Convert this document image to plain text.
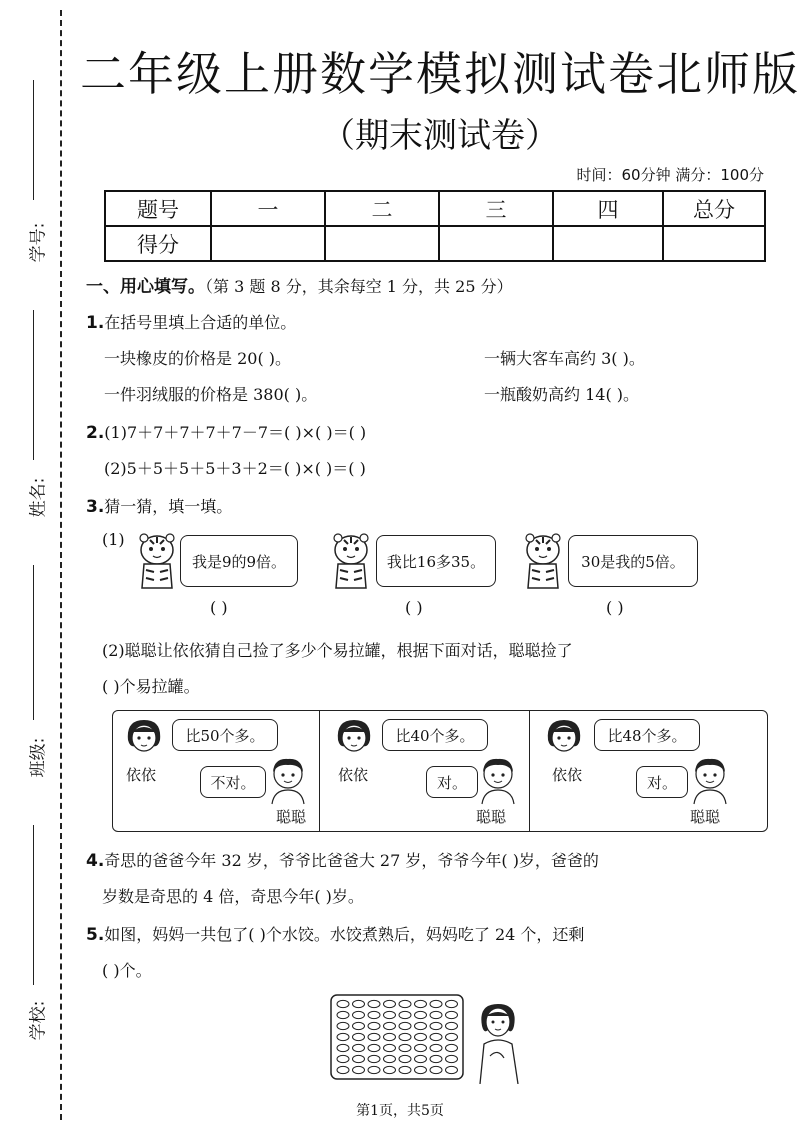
学号:
姓名:
班级:
学校:
二年级上册数学模拟测试卷北师版
（期末测试卷）
时间：60分钟 满分：100分
题号	一	二	三	四	总分
得分					
一、用心填写。（第 3 题 8 分，其余每空 1 分，共 25 分）
1.在括号里填上合适的单位。
一块橡皮的价格是 20( )。	一辆大客车高约 3( )。
一件羽绒服的价格是 380( )。	一瓶酸奶高约 14( )。
2.(1)7＋7＋7＋7＋7－7＝( )×( )＝( )
(2)5＋5＋5＋5＋3＋2＝( )×( )＝( )
3.猜一猜，填一填。
(1)
我是9的9倍。	我比16多35。	30是我的5倍。
( )	( )	( )
(2)聪聪让依依猜自己捡了多少个易拉罐，根据下面对话，聪聪捡了
( )个易拉罐。
比50个多。
依依	不对。
聪聪
比40个多。
依依	对。
聪聪
比48个多。
依依	对。
聪聪
4.奇思的爸爸今年 32 岁，爷爷比爸爸大 27 岁，爷爷今年( )岁，爸爸的
岁数是奇思的 4 倍，奇思今年( )岁。
5.如图，妈妈一共包了( )个水饺。水饺煮熟后，妈妈吃了 24 个，还剩
( )个。
第1页，共5页
